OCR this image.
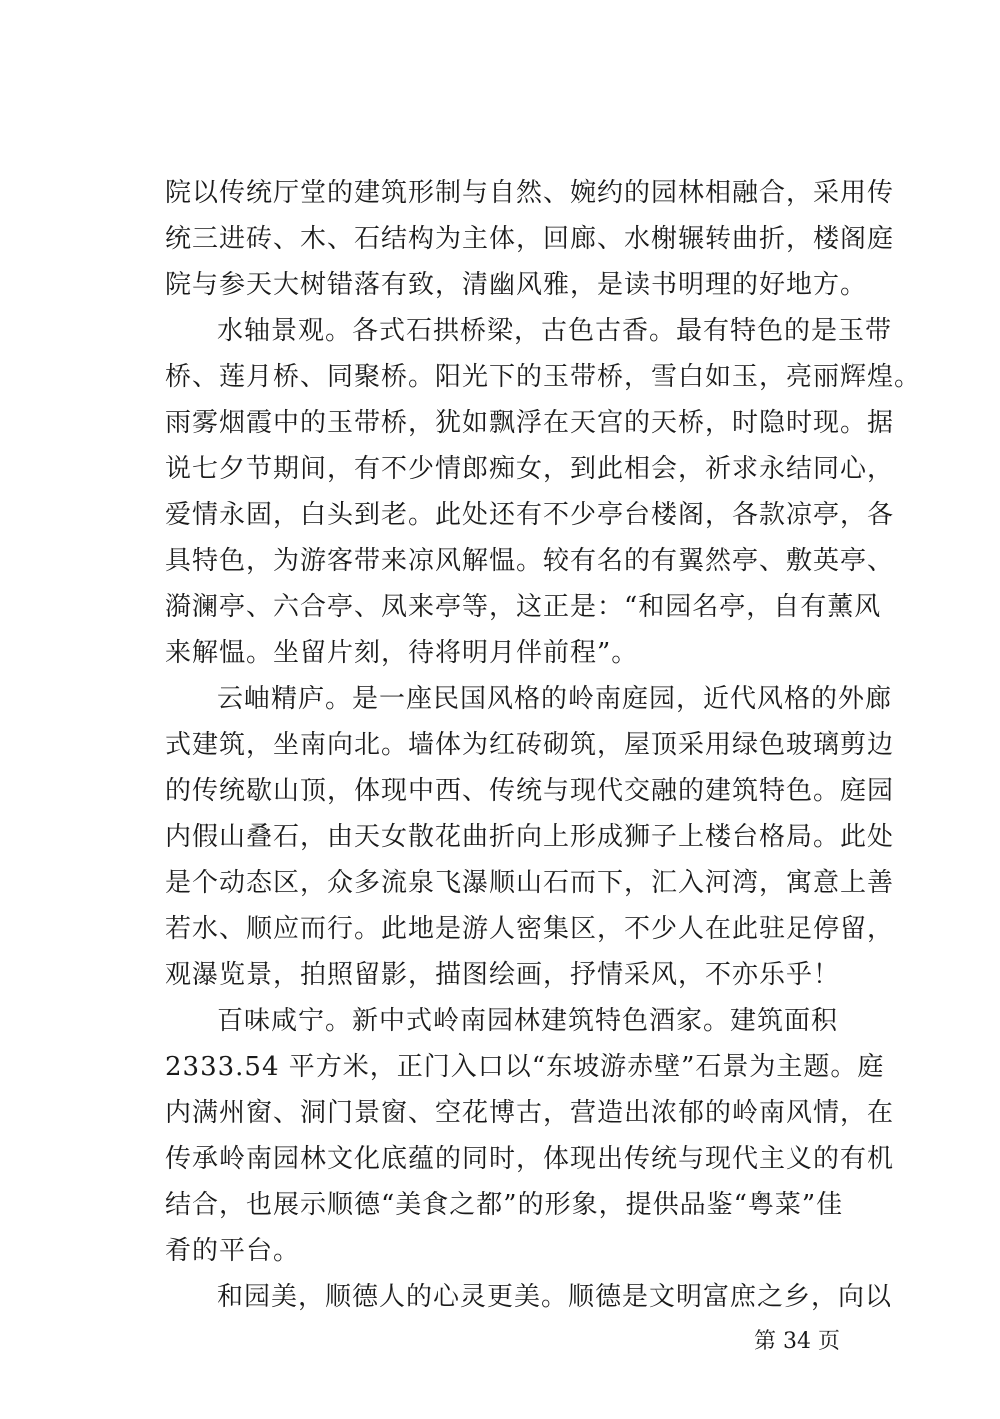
院以传统厅堂的建筑形制与自然、婉约的园林相融合，采用传
统三进砖、木、石结构为主体，回廊、水榭辗转曲折，楼阁庭
院与参天大树错落有致，清幽风雅，是读书明理的好地方。
水轴景观。各式石拱桥梁，古色古香。最有特色的是玉带
桥、莲月桥、同聚桥。阳光下的玉带桥，雪白如玉，亮丽辉煌。
雨雾烟霞中的玉带桥，犹如飘浮在天宫的天桥，时隐时现。据
说七夕节期间，有不少情郎痴女，到此相会，祈求永结同心，
爱情永固，白头到老。此处还有不少亭台楼阁，各款凉亭，各
具特色，为游客带来凉风解愠。较有名的有翼然亭、敷英亭、
漪澜亭、六合亭、凤来亭等，这正是：“和园名亭，自有薰风
来解愠。坐留片刻，待将明月伴前程”。
云岫精庐。是一座民国风格的岭南庭园，近代风格的外廊
式建筑，坐南向北。墙体为红砖砌筑，屋顶采用绿色玻璃剪边
的传统歇山顶，体现中西、传统与现代交融的建筑特色。庭园
内假山叠石，由天女散花曲折向上形成狮子上楼台格局。此处
是个动态区，众多流泉飞瀑顺山石而下，汇入河湾，寓意上善
若水、顺应而行。此地是游人密集区，不少人在此驻足停留，
观瀑览景，拍照留影，描图绘画，抒情采风，不亦乐乎！
百味咸宁。新中式岭南园林建筑特色酒家。建筑面积
2333.54 平方米，正门入口以“东坡游赤壁”石景为主题。庭
内满州窗、洞门景窗、空花博古，营造出浓郁的岭南风情，在
传承岭南园林文化底蕴的同时，体现出传统与现代主义的有机
结合，也展示顺德“美食之都”的形象，提供品鉴“粤菜”佳
肴的平台。
和园美，顺德人的心灵更美。顺德是文明富庶之乡，向以
第 34 页
